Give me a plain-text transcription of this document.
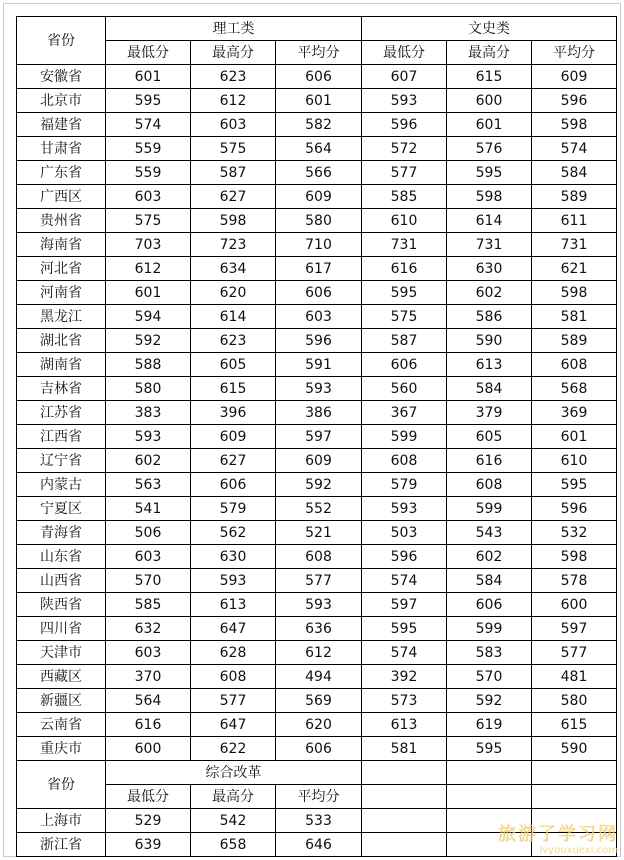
省份	理工类			文史类		
	最低分	最高分	平均分	最低分	最高分	平均分
安徽省	601	623	606	607	615	609
北京市	595	612	601	593	600	596
福建省	574	603	582	596	601	598
甘肃省	559	575	564	572	576	574
广东省	559	587	566	577	595	584
广西区	603	627	609	585	598	589
贵州省	575	598	580	610	614	611
海南省	703	723	710	731	731	731
河北省	612	634	617	616	630	621
河南省	601	620	606	595	602	598
黑龙江	594	614	603	575	586	581
湖北省	592	623	596	587	590	589
湖南省	588	605	591	606	613	608
吉林省	580	615	593	560	584	568
江苏省	383	396	386	367	379	369
江西省	593	609	597	599	605	601
辽宁省	602	627	609	608	616	610
内蒙古	563	606	592	579	608	595
宁夏区	541	579	552	593	599	596
青海省	506	562	521	503	543	532
山东省	603	630	608	596	602	598
山西省	570	593	577	574	584	578
陕西省	585	613	593	597	606	600
四川省	632	647	636	595	599	597
天津市	603	628	612	574	583	577
西藏区	370	608	494	392	570	481
新疆区	564	577	569	573	592	580
云南省	616	647	620	613	619	615
重庆市	600	622	606	581	595	590
省份	综合改革					
	最低分	最高分	平均分			
上海市	529	542	533			
浙江省	639	658	646				旅游了学习网
lvyouxuexi.com
